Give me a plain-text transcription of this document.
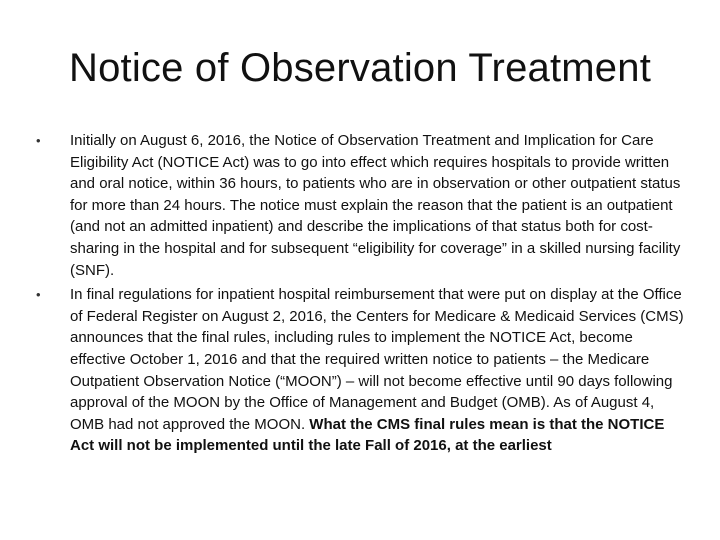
Notice of Observation Treatment
• Initially on August 6, 2016, the Notice of Observation Treatment and Implication for Care Eligibility Act (NOTICE Act) was to go into effect which requires hospitals to provide written and oral notice, within 36 hours, to patients who are in observation or other outpatient status for more than 24 hours. The notice must explain the reason that the patient is an outpatient (and not an admitted inpatient) and describe the implications of that status both for cost-sharing in the hospital and for subsequent “eligibility for coverage” in a skilled nursing facility (SNF).
• In final regulations for inpatient hospital reimbursement that were put on display at the Office of Federal Register on August 2, 2016, the Centers for Medicare & Medicaid Services (CMS) announces that the final rules, including rules to implement the NOTICE Act, become effective October 1, 2016 and that the required written notice to patients – the Medicare Outpatient Observation Notice (“MOON”) – will not become effective until 90 days following approval of the MOON by the Office of Management and Budget (OMB). As of August 4, OMB had not approved the MOON. What the CMS final rules mean is that the NOTICE Act will not be implemented until the late Fall of 2016, at the earliest
